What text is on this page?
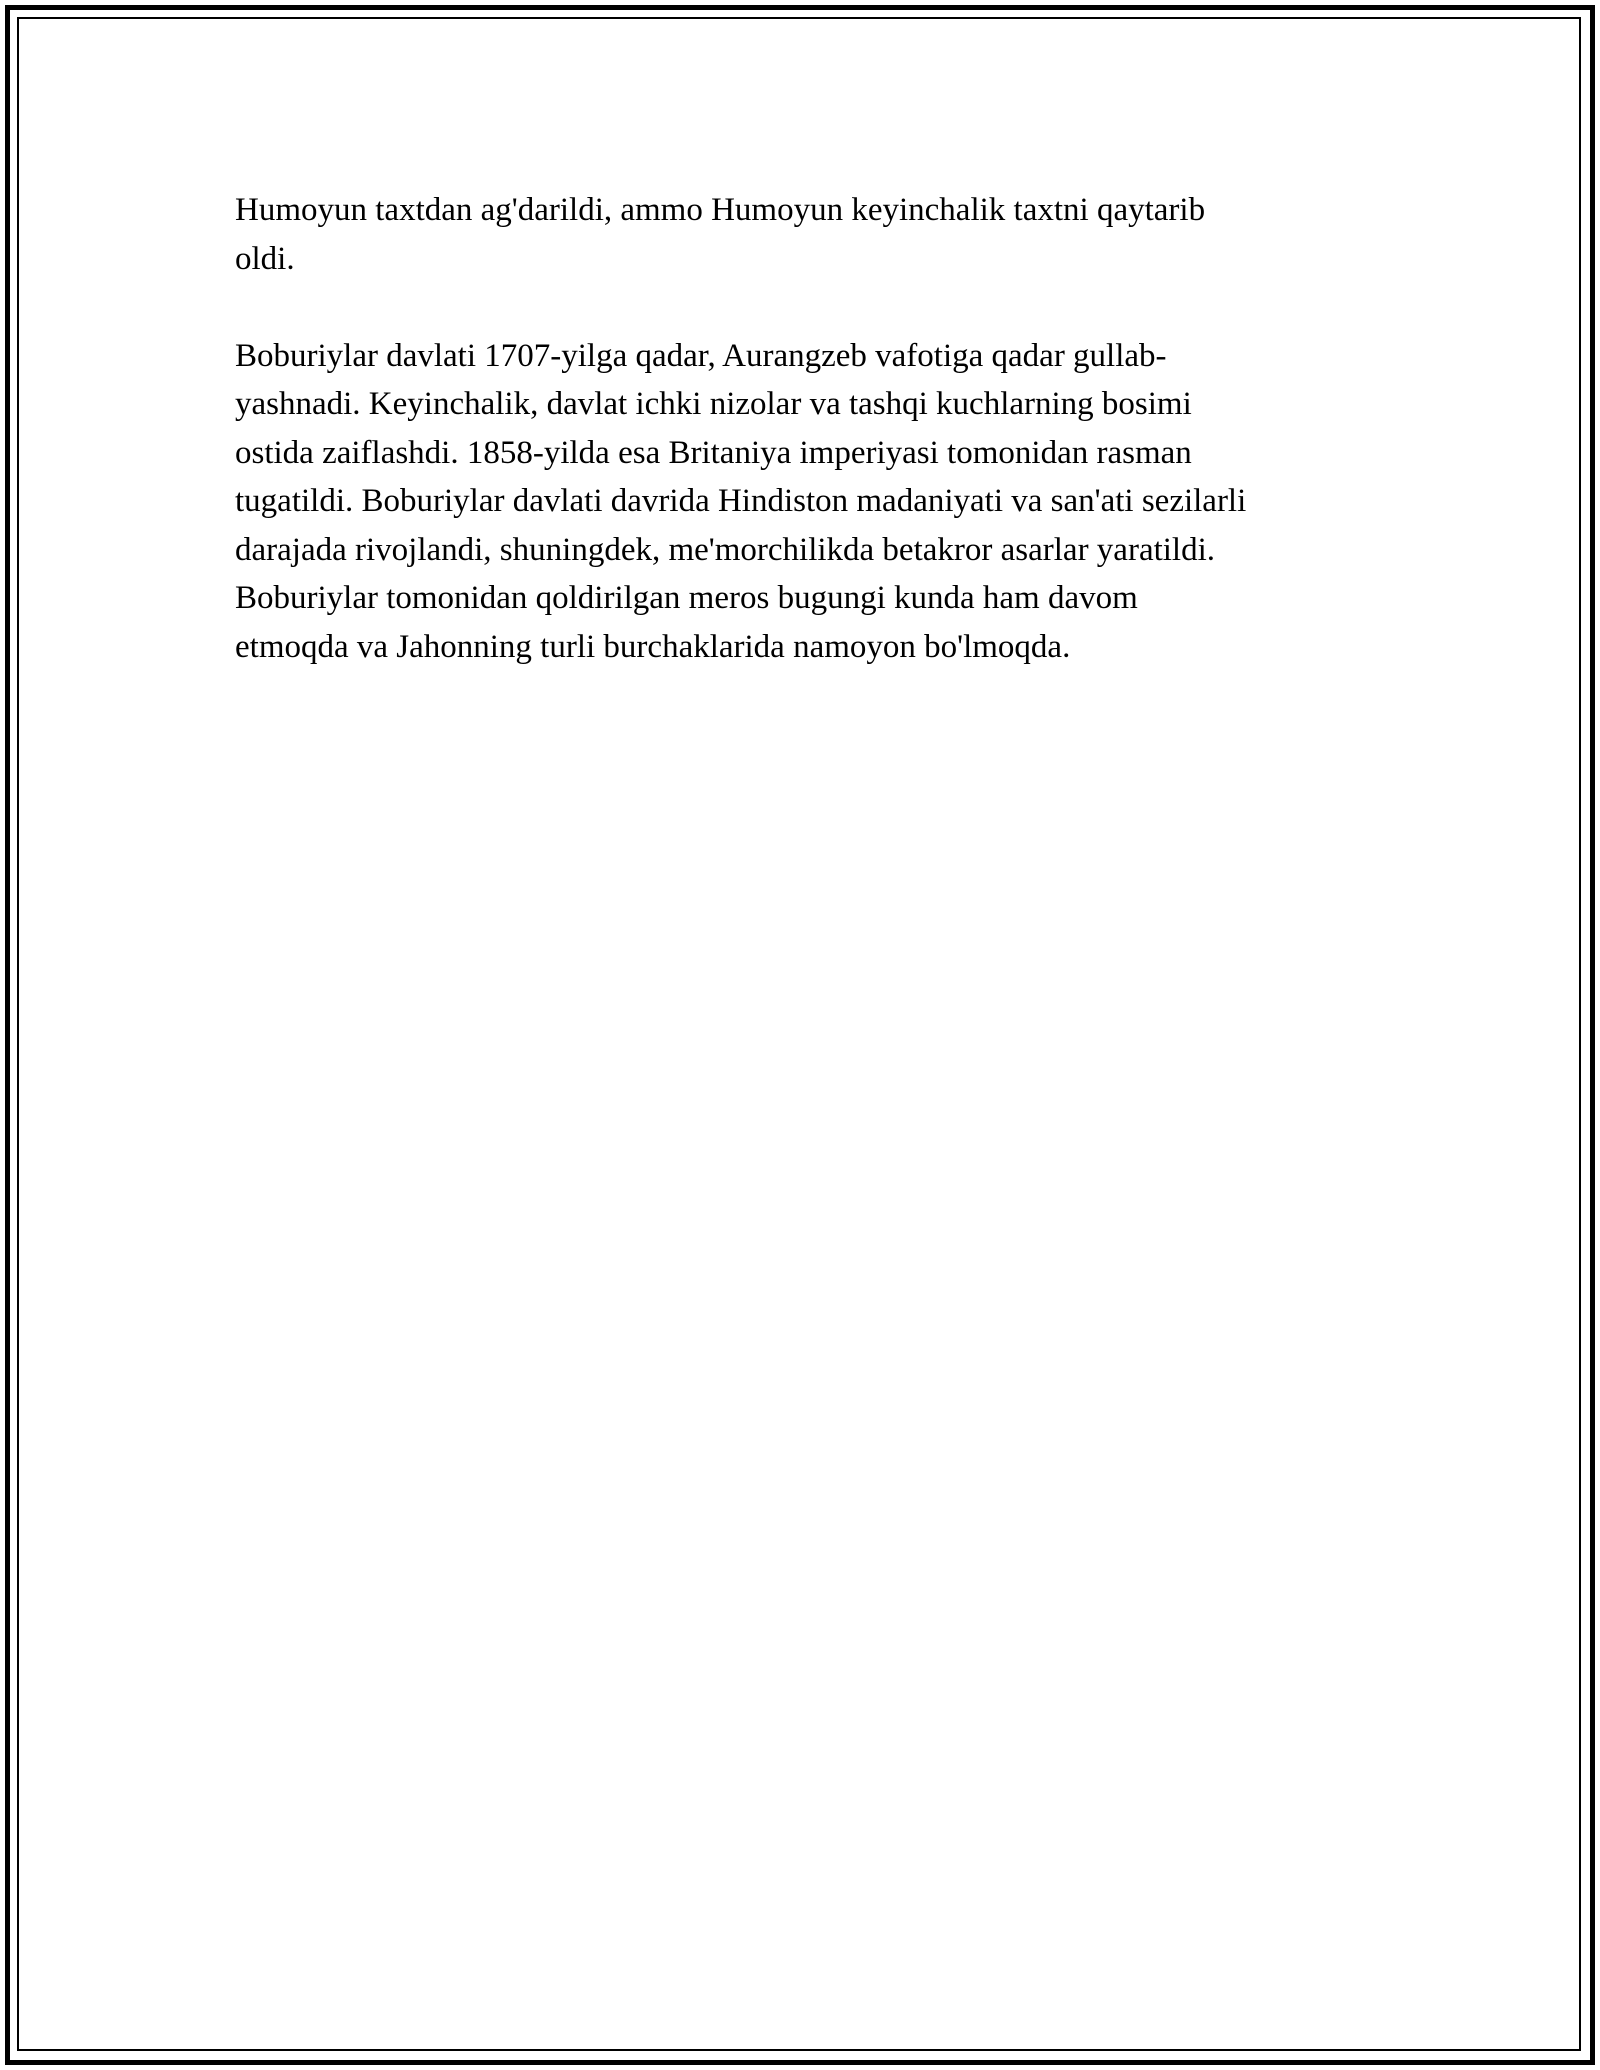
Humoyun taxtdan ag'darildi, ammo Humoyun keyinchalik taxtni qaytarib
oldi.

Boburiylar davlati 1707-yilga qadar, Aurangzeb vafotiga qadar gullab-
yashnadi. Keyinchalik, davlat ichki nizolar va tashqi kuchlarning bosimi
ostida zaiflashdi. 1858-yilda esa Britaniya imperiyasi tomonidan rasman
tugatildi. Boburiylar davlati davrida Hindiston madaniyati va san'ati sezilarli
darajada rivojlandi, shuningdek, me'morchilikda betakror asarlar yaratildi.
Boburiylar tomonidan qoldirilgan meros bugungi kunda ham davom
etmoqda va Jahonning turli burchaklarida namoyon bo'lmoqda.
